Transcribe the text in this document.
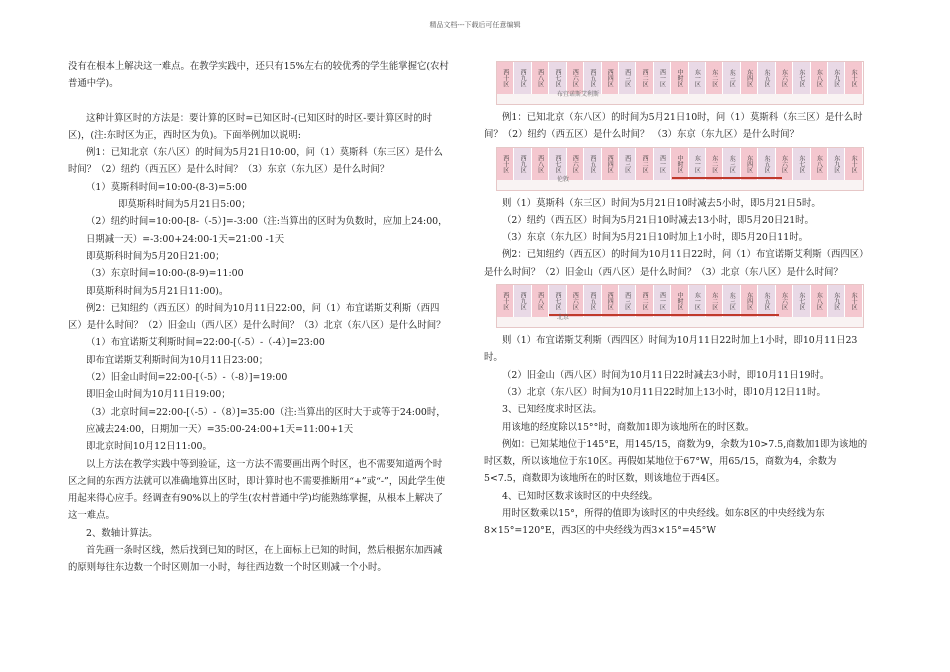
精品文档---下载后可任意编辑

没有在根本上解决这一难点。在教学实践中，还只有15%左右的较优秀的学生能掌握它(农村普通中学)。

这种计算区时的方法是：要计算的区时=已知区时-(已知区时的时区-要计算区时的时区)，(注:东时区为正，西时区为负)。下面举例加以说明:

例1：已知北京（东八区）的时间为5月21日10:00，问（1）莫斯科（东三区）是什么时间？（2）纽约（西五区）是什么时间？（3）东京（东九区）是什么时间？

（1）莫斯科时间=10:00-(8-3)=5:00

即莫斯科时间为5月21日5:00；

（2）纽约时间=10:00-[8-（-5）]=-3:00（注:当算出的区时为负数时，应加上24:00，日期减一天）=-3:00+24:00-1天=21:00 -1天

即莫斯科时间为5月20日21:00；

（3）东京时间=10:00-(8-9)=11:00

即莫斯科时间为5月21日11:00)。

例2：已知纽约（西五区）的时间为10月11日22:00，问（1）布宜诺斯艾利斯（西四区）是什么时间？（2）旧金山（西八区）是什么时间？（3）北京（东八区）是什么时间？

（1）布宜诺斯艾利斯时间=22:00-[（-5）-（-4）]=23:00

即布宜诺斯艾利斯时间为10月11日23:00；

（2）旧金山时间=22:00-[（-5）-（-8）]=19:00

即旧金山时间为10月11日19:00；

（3）北京时间=22:00-[（-5）-（8）]=35:00（注:当算出的区时大于或等于24:00时，应减去24:00，日期加一天）=35:00-24:00+1天=11:00+1天

即北京时间10月12日11:00。

以上方法在教学实践中等到验证，这一方法不需要画出两个时区，也不需要知道两个时区之间的东西方法就可以准确地算出区时，即计算时也不需要推断用“+”或“-”，因此学生使用起来得心应手。经调查有90%以上的学生(农村普通中学)均能熟练掌握，从根本上解决了这一难点。

2、数轴计算法。

首先画一条时区线，然后找到已知的时区，在上面标上已知的时间，然后根据东加西减的原则每往东边数一个时区则加一小时，每往西边数一个时区则减一个小时。

西十区	西九区	西八区	西七区	西六区	西五区	西四区	西三区	西二区	西一区	中时区	东一区	东二区	东三区	东四区	东五区	东六区	东七区	东八区	东九区	东十区
布宜诺斯艾利斯

例1：已知北京（东八区）的时间为5月21日10时，问（1）莫斯科（东三区）是什么时间？（2）纽约（西五区）是什么时间？ （3）东京（东九区）是什么时间？

西十区	西九区	西八区	西七区	西六区	西五区	西四区	西三区	西二区	西一区	中时区	东一区	东二区	东三区	东四区	东五区	东六区	东七区	东八区	东九区	东十区
伦敦

则（1）莫斯科（东三区）时间为5月21日10时减去5小时，即5月21日5时。

（2）纽约（西五区）时间为5月21日10时减去13小时，即5月20日21时。

（3）东京（东九区）时间为5月21日10时加上1小时，即5月20日11时。

例2：已知纽约（西五区）的时间为10月11日22时，问（1）布宜诺斯艾利斯（西四区）是什么时间？（2）旧金山（西八区）是什么时间？（3）北京（东八区）是什么时间？

西十区	西九区	西八区	西七区	西六区	西五区	西四区	西三区	西二区	西一区	中时区	东一区	东二区	东三区	东四区	东五区	东六区	东七区	东八区	东九区	东十区
北京

则（1）布宜诺斯艾利斯（西四区）时间为10月11日22时加上1小时，即10月11日23时。

（2）旧金山（西八区）时间为10月11日22时减去3小时，即10月11日19时。

（3）北京（东八区）时间为10月11日22时加上13小时，即10月12日11时。

3、已知经度求时区法。

用该地的经度除以15°°时，商数加1即为该地所在的时区数。

例如：已知某地位于145°E，用145/15，商数为9，余数为10>7.5,商数加1即为该地的时区数，所以该地位于东10区。再假如某地位于67°W，用65/15，商数为4，余数为5<7.5，商数即为该地所在的时区数，则该地位于西4区。

4、已知时区数求该时区的中央经线。

用时区数乘以15°，所得的值即为该时区的中央经线。如东8区的中央经线为东8×15°=120°E，西3区的中央经线为西3×15°=45°W
